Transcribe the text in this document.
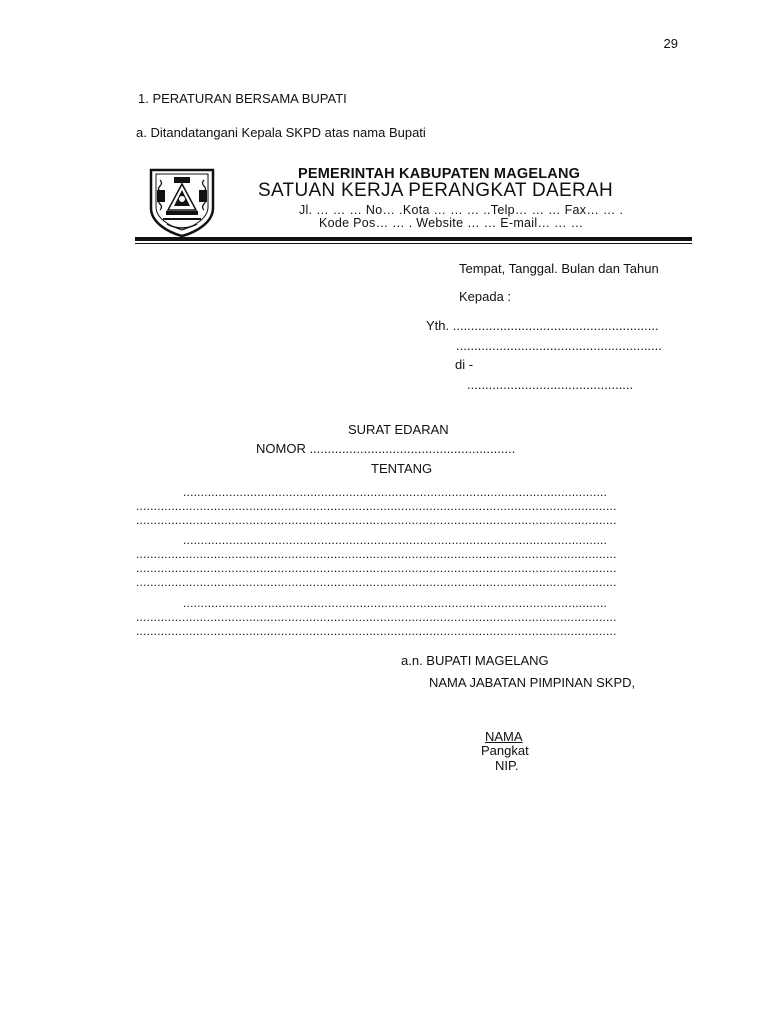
29
1. PERATURAN BERSAMA BUPATI
a. Ditandatangani Kepala SKPD atas nama Bupati
PEMERINTAH KABUPATEN MAGELANG
SATUAN KERJA PERANGKAT DAERAH
Jl. … … … No… .Kota … … … ..Telp… … … Fax… … .
Kode Pos… … . Website … … E-mail… … …
Tempat, Tanggal. Bulan dan Tahun
Kepada :
Yth. .........................................................
.........................................................
di -
..............................................
SURAT EDARAN
NOMOR .........................................................
TENTANG
........................................................................................................................
........................................................................................................................................
........................................................................................................................................
........................................................................................................................
........................................................................................................................................
........................................................................................................................................
........................................................................................................................................
........................................................................................................................
........................................................................................................................................
........................................................................................................................................
a.n. BUPATI MAGELANG
NAMA JABATAN PIMPINAN SKPD,
NAMA
Pangkat
NIP.
